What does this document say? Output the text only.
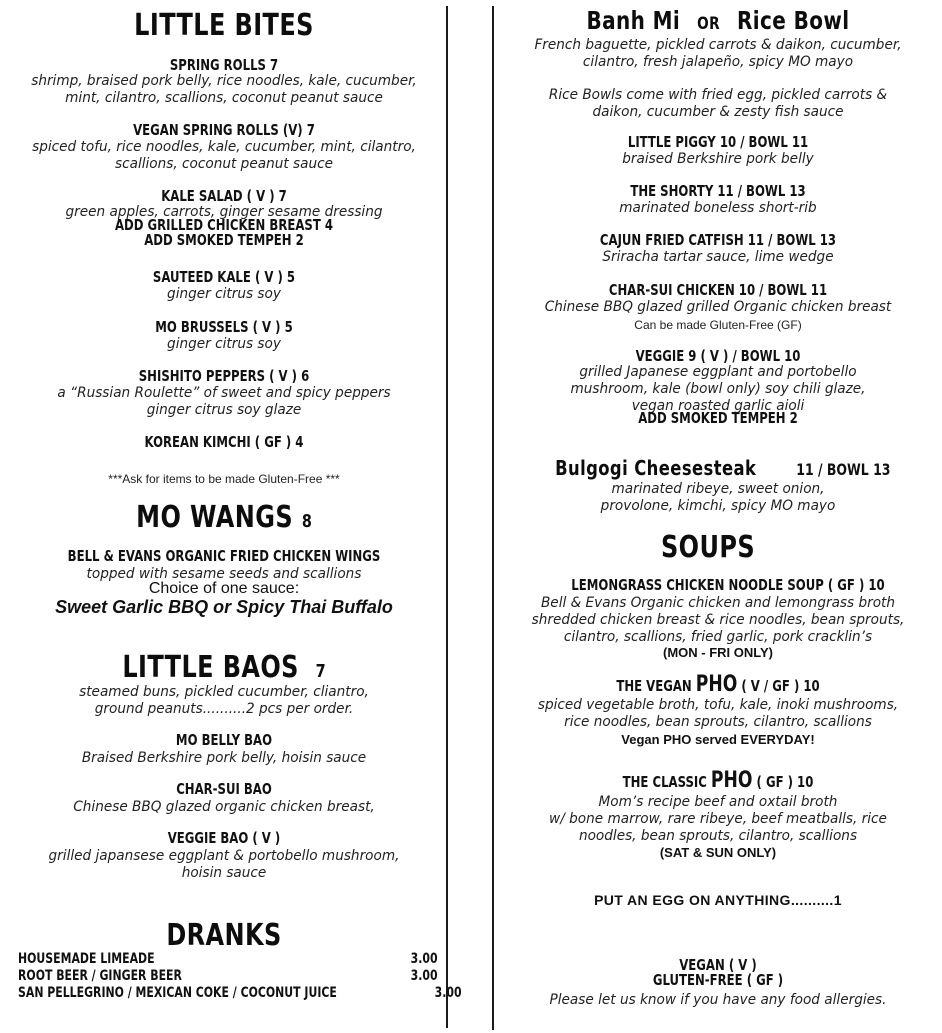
LITTLE BITES
SPRING ROLLS 7
shrimp, braised pork belly, rice noodles, kale, cucumber,
mint, cilantro, scallions, coconut peanut sauce
VEGAN SPRING ROLLS (V) 7
spiced tofu, rice noodles, kale, cucumber, mint, cilantro,
scallions, coconut peanut sauce
KALE SALAD ( V ) 7
green apples, carrots, ginger sesame dressing
ADD GRILLED CHICKEN BREAST 4
ADD SMOKED TEMPEH 2
SAUTEED KALE ( V ) 5
ginger citrus soy
MO BRUSSELS ( V ) 5
ginger citrus soy
SHISHITO PEPPERS ( V ) 6
a “Russian Roulette” of sweet and spicy peppers
ginger citrus soy glaze
KOREAN KIMCHI ( GF ) 4
***Ask for items to be made Gluten-Free ***
MO WANGS 8
BELL & EVANS ORGANIC FRIED CHICKEN WINGS
topped with sesame seeds and scallions
Choice of one sauce:
Sweet Garlic BBQ or Spicy Thai Buffalo
LITTLE BAOS 7
steamed buns, pickled cucumber, cliantro,
ground peanuts..........2 pcs per order.
MO BELLY BAO
Braised Berkshire pork belly, hoisin sauce
CHAR-SUI BAO
Chinese BBQ glazed organic chicken breast,
VEGGIE BAO ( V )
grilled japansese eggplant & portobello mushroom,
hoisin sauce
DRANKS
HOUSEMADE LIMEADE	3.00
ROOT BEER / GINGER BEER	3.00
SAN PELLEGRINO / MEXICAN COKE / COCONUT JUICE	3.00
Banh Mi OR Rice Bowl
French baguette, pickled carrots & daikon, cucumber,
cilantro, fresh jalapeño, spicy MO mayo
Rice Bowls come with fried egg, pickled carrots &
daikon, cucumber & zesty fish sauce
LITTLE PIGGY 10 / BOWL 11
braised Berkshire pork belly
THE SHORTY 11 / BOWL 13
marinated boneless short-rib
CAJUN FRIED CATFISH 11 / BOWL 13
Sriracha tartar sauce, lime wedge
CHAR-SUI CHICKEN 10 / BOWL 11
Chinese BBQ glazed grilled Organic chicken breast
Can be made Gluten-Free (GF)
VEGGIE 9 ( V ) / BOWL 10
grilled Japanese eggplant and portobello
mushroom, kale (bowl only) soy chili glaze,
vegan roasted garlic aioli
ADD SMOKED TEMPEH 2
Bulgogi Cheesesteak 11 / BOWL 13
marinated ribeye, sweet onion,
provolone, kimchi, spicy MO mayo
SOUPS
LEMONGRASS CHICKEN NOODLE SOUP ( GF ) 10
Bell & Evans Organic chicken and lemongrass broth
shredded chicken breast & rice noodles, bean sprouts,
cilantro, scallions, fried garlic, pork cracklin’s
(MON - FRI ONLY)
THE VEGAN PHO ( V / GF ) 10
spiced vegetable broth, tofu, kale, inoki mushrooms,
rice noodles, bean sprouts, cilantro, scallions
Vegan PHO served EVERYDAY!
THE CLASSIC PHO ( GF ) 10
Mom’s recipe beef and oxtail broth
w/ bone marrow, rare ribeye, beef meatballs, rice
noodles, bean sprouts, cilantro, scallions
(SAT & SUN ONLY)
PUT AN EGG ON ANYTHING..........1
VEGAN ( V )
GLUTEN-FREE ( GF )
Please let us know if you have any food allergies.
